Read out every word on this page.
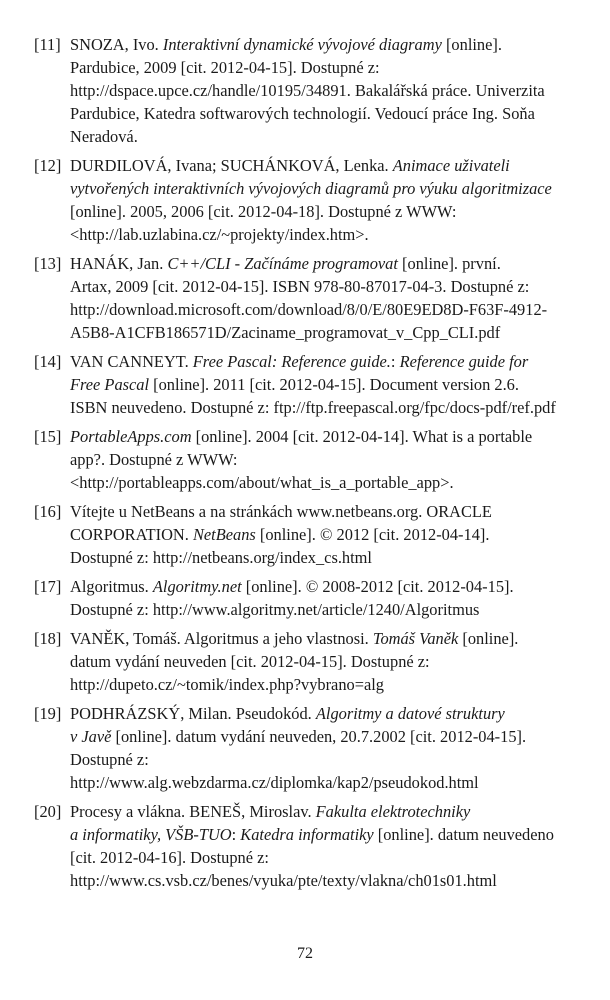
[11] SNOZA, Ivo. Interaktivní dynamické vývojové diagramy [online].
Pardubice, 2009 [cit. 2012-04-15]. Dostupné z:
http://dspace.upce.cz/handle/10195/34891. Bakalářská práce. Univerzita
Pardubice, Katedra softwarových technologií. Vedoucí práce Ing. Soňa
Neradová.
[12] DURDILOVÁ, Ivana; SUCHÁNKOVÁ, Lenka. Animace uživateli
vytvořených interaktivních vývojových diagramů pro výuku algoritmizace
[online]. 2005, 2006 [cit. 2012-04-18]. Dostupné z WWW:
<http://lab.uzlabina.cz/~projekty/index.htm>.
[13] HANÁK, Jan. C++/CLI - Začínáme programovat [online]. první.
Artax, 2009 [cit. 2012-04-15]. ISBN 978-80-87017-04-3. Dostupné z:
http://download.microsoft.com/download/8/0/E/80E9ED8D-F63F-4912-
A5B8-A1CFB186571D/Zaciname_programovat_v_Cpp_CLI.pdf
[14] VAN CANNEYT. Free Pascal: Reference guide.: Reference guide for
Free Pascal [online]. 2011 [cit. 2012-04-15]. Document version 2.6.
ISBN neuvedeno. Dostupné z: ftp://ftp.freepascal.org/fpc/docs-pdf/ref.pdf
[15] PortableApps.com [online]. 2004 [cit. 2012-04-14]. What is a portable
app?. Dostupné z WWW:
<http://portableapps.com/about/what_is_a_portable_app>.
[16] Vítejte u NetBeans a na stránkách www.netbeans.org. ORACLE
CORPORATION. NetBeans [online]. © 2012 [cit. 2012-04-14].
Dostupné z: http://netbeans.org/index_cs.html
[17] Algoritmus. Algoritmy.net [online]. © 2008-2012 [cit. 2012-04-15].
Dostupné z: http://www.algoritmy.net/article/1240/Algoritmus
[18] VANĚK, Tomáš. Algoritmus a jeho vlastnosi. Tomáš Vaněk [online].
datum vydání neuveden [cit. 2012-04-15]. Dostupné z:
http://dupeto.cz/~tomik/index.php?vybrano=alg
[19] PODHRÁZSKÝ, Milan. Pseudokód. Algoritmy a datové struktury
v Javě [online]. datum vydání neuveden, 20.7.2002 [cit. 2012-04-15].
Dostupné z:
http://www.alg.webzdarma.cz/diplomka/kap2/pseudokod.html
[20] Procesy a vlákna. BENEŠ, Miroslav. Fakulta elektrotechniky
a informatiky, VŠB-TUO: Katedra informatiky [online]. datum neuvedeno
[cit. 2012-04-16]. Dostupné z:
http://www.cs.vsb.cz/benes/vyuka/pte/texty/vlakna/ch01s01.html
72
